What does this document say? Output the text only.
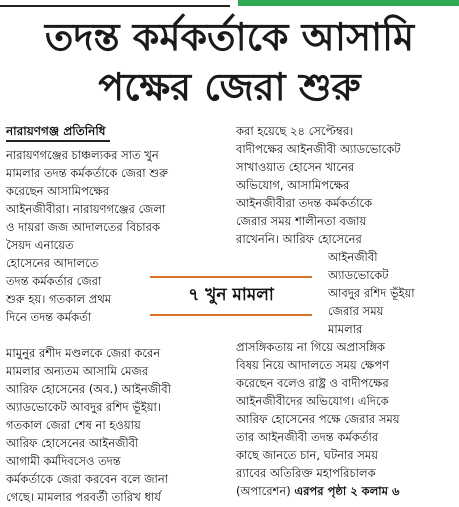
তদন্ত কর্মকর্তাকে আসামি
পক্ষের জেরা শুরু
নারায়ণগঞ্জ প্রতিনিধি
নারায়ণগঞ্জের চাঞ্চল্যকর সাত খুন
মামলার তদন্ত কর্মকর্তাকে জেরা শুরু
করেছেন আসামিপক্ষের
আইনজীবীরা। নারায়ণগঞ্জের জেলা
ও দায়রা জজ আদালতের বিচারক
সৈয়দ এনায়েত
হোসেনের আদালতে
তদন্ত কর্মকর্তার জেরা
শুরু হয়। গতকাল প্রথম
দিনে তদন্ত কর্মকর্তা
মামুনুর রশীদ মণ্ডলকে জেরা করেন
মামলার অন্যতম আসামি মেজর
আরিফ হোসেনের (অব.) আইনজীবী
অ্যাডভোকেট আবদুর রশিদ ভূঁইয়া।
গতকাল জেরা শেষ না হওয়ায়
আরিফ হোসেনের আইনজীবী
আগামী কর্মদিবসেও তদন্ত
কর্মকর্তাকে জেরা করবেন বলে জানা
গেছে। মামলার পরবর্তী তারিখ ধার্য
করা হয়েছে ২৪ সেপ্টেম্বর।
বাদীপক্ষের আইনজীবী অ্যাডভোকেট
সাখাওয়াত হোসেন খানের
অভিযোগ, আসামিপক্ষের
আইনজীবীরা তদন্ত কর্মকর্তাকে
জেরার সময় শালীনতা বজায়
রাখেননি। আরিফ হোসেনের
আইনজীবী
অ্যাডভোকেট
আবদুর রশিদ ভূঁইয়া
জেরার সময়
মামলার
প্রাসঙ্গিকতায় না গিয়ে অপ্রাসঙ্গিক
বিষয় নিয়ে আদালতে সময় ক্ষেপণ
করেছেন বলেও রাষ্ট্র ও বাদীপক্ষের
আইনজীবীদের অভিযোগ। এদিকে
আরিফ হোসেনের পক্ষে জেরার সময়
তার আইনজীবী তদন্ত কর্মকর্তার
কাছে জানতে চান, ঘটনার সময়
র‌্যাবের অতিরিক্ত মহাপরিচালক
(অপারেশন) এরপর পৃষ্ঠা ২ কলাম ৬
৭ খুন মামলা
